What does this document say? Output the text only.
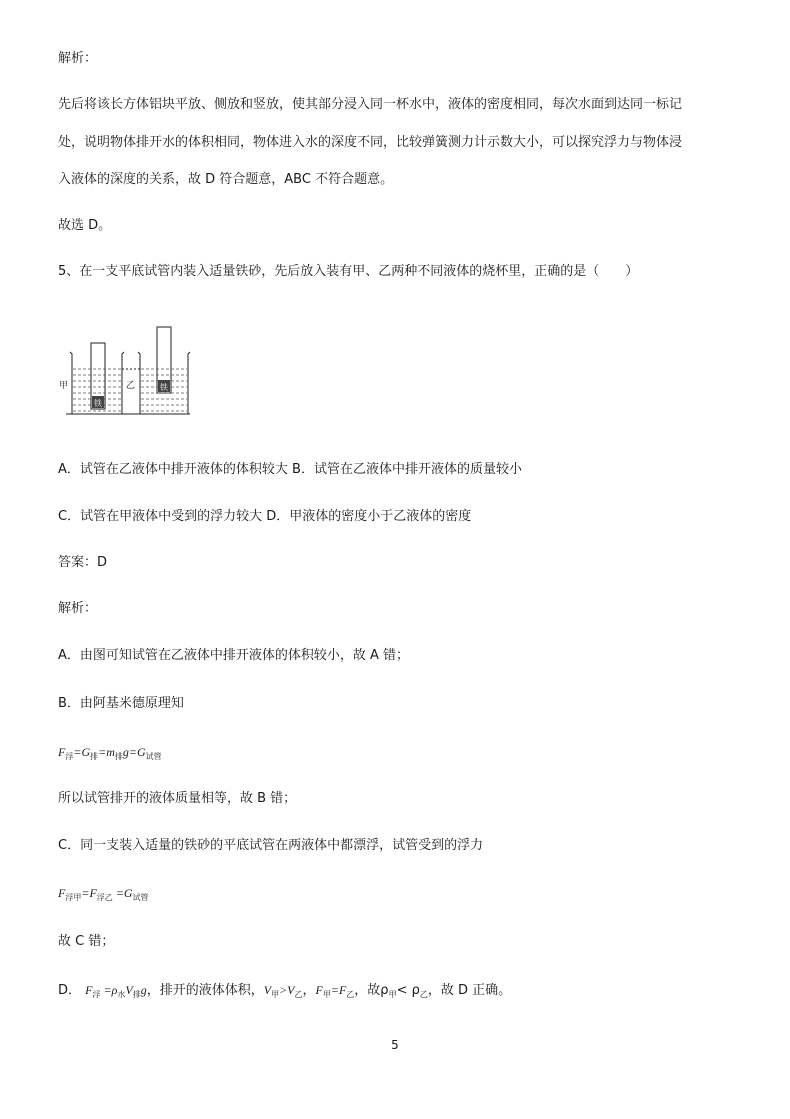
解析：
先后将该长方体铝块平放、侧放和竖放，使其部分浸入同一杯水中，液体的密度相同，每次水面到达同一标记
处，说明物体排开水的体积相同，物体进入水的深度不同，比较弹簧测力计示数大小，可以探究浮力与物体浸
入液体的深度的关系，故 D 符合题意，ABC 不符合题意。
故选 D。
5、在一支平底试管内装入适量铁砂，先后放入装有甲、乙两种不同液体的烧杯里，正确的是（　　）
铁
铁
甲	乙
A．试管在乙液体中排开液体的体积较大 B．试管在乙液体中排开液体的质量较小
C．试管在甲液体中受到的浮力较大 D．甲液体的密度小于乙液体的密度
答案：D
解析：
A．由图可知试管在乙液体中排开液体的体积较小，故 A 错；
B．由阿基米德原理知
$F_浮=G_排=m_排g=G_{试管}$
所以试管排开的液体质量相等，故 B 错；
C．同一支装入适量的铁砂的平底试管在两液体中都漂浮，试管受到的浮力
$F_{浮甲}=F_{浮乙} =G_{试管}$
故 C 错；
D． $F_浮 =\rho_水V_排g$，排开的液体体积，$V_甲>V_乙$，$F_甲=F_乙$，故$\rho_甲< \rho_乙$，故 D 正确。
5
